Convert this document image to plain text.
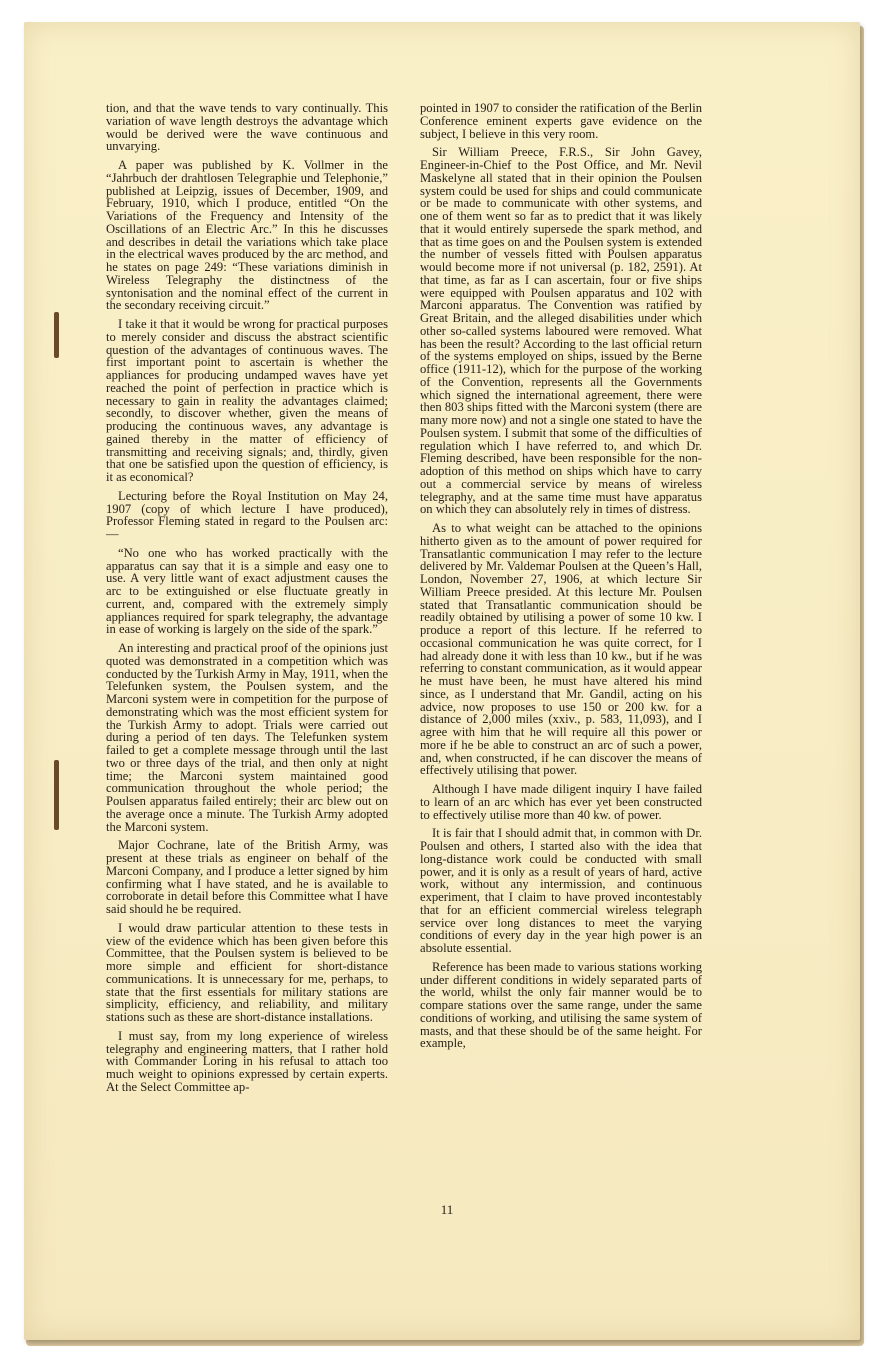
tion, and that the wave tends to vary continually. This variation of wave length destroys the advantage which would be derived were the wave continuous and unvarying.

A paper was published by K. Vollmer in the “Jahrbuch der drahtlosen Telegraphie und Telephonie,” published at Leipzig, issues of December, 1909, and February, 1910, which I produce, entitled “On the Variations of the Frequency and Intensity of the Oscillations of an Electric Arc.” In this he discusses and describes in detail the variations which take place in the electrical waves produced by the arc method, and he states on page 249: “These variations diminish in Wireless Telegraphy the distinctness of the syntonisation and the nominal effect of the current in the secondary receiving circuit.”

I take it that it would be wrong for practical purposes to merely consider and discuss the abstract scientific question of the advantages of continuous waves. The first important point to ascertain is whether the appliances for producing undamped waves have yet reached the point of perfection in practice which is necessary to gain in reality the advantages claimed; secondly, to discover whether, given the means of producing the continuous waves, any advantage is gained thereby in the matter of efficiency of transmitting and receiving signals; and, thirdly, given that one be satisfied upon the question of efficiency, is it as economical?

Lecturing before the Royal Institution on May 24, 1907 (copy of which lecture I have produced), Professor Fleming stated in regard to the Poulsen arc:—

“No one who has worked practically with the apparatus can say that it is a simple and easy one to use. A very little want of exact adjustment causes the arc to be extinguished or else fluctuate greatly in current, and, compared with the extremely simply appliances required for spark telegraphy, the advantage in ease of working is largely on the side of the spark.”

An interesting and practical proof of the opinions just quoted was demonstrated in a competition which was conducted by the Turkish Army in May, 1911, when the Telefunken system, the Poulsen system, and the Marconi system were in competition for the purpose of demonstrating which was the most efficient system for the Turkish Army to adopt. Trials were carried out during a period of ten days. The Telefunken system failed to get a complete message through until the last two or three days of the trial, and then only at night time; the Marconi system maintained good communication throughout the whole period; the Poulsen apparatus failed entirely; their arc blew out on the average once a minute. The Turkish Army adopted the Marconi system.

Major Cochrane, late of the British Army, was present at these trials as engineer on behalf of the Marconi Company, and I produce a letter signed by him confirming what I have stated, and he is available to corroborate in detail before this Committee what I have said should he be required.

I would draw particular attention to these tests in view of the evidence which has been given before this Committee, that the Poulsen system is believed to be more simple and efficient for short-distance communications. It is unnecessary for me, perhaps, to state that the first essentials for military stations are simplicity, efficiency, and reliability, and military stations such as these are short-distance installations.

I must say, from my long experience of wireless telegraphy and engineering matters, that I rather hold with Commander Loring in his refusal to attach too much weight to opinions expressed by certain experts. At the Select Committee ap-

pointed in 1907 to consider the ratification of the Berlin Conference eminent experts gave evidence on the subject, I believe in this very room.

Sir William Preece, F.R.S., Sir John Gavey, Engineer-in-Chief to the Post Office, and Mr. Nevil Maskelyne all stated that in their opinion the Poulsen system could be used for ships and could communicate or be made to communicate with other systems, and one of them went so far as to predict that it was likely that it would entirely supersede the spark method, and that as time goes on and the Poulsen system is extended the number of vessels fitted with Poulsen apparatus would become more if not universal (p. 182, 2591). At that time, as far as I can ascertain, four or five ships were equipped with Poulsen apparatus and 102 with Marconi apparatus. The Convention was ratified by Great Britain, and the alleged disabilities under which other so-called systems laboured were removed. What has been the result? According to the last official return of the systems employed on ships, issued by the Berne office (1911-12), which for the purpose of the working of the Convention, represents all the Governments which signed the international agreement, there were then 803 ships fitted with the Marconi system (there are many more now) and not a single one stated to have the Poulsen system. I submit that some of the difficulties of regulation which I have referred to, and which Dr. Fleming described, have been responsible for the non-adoption of this method on ships which have to carry out a commercial service by means of wireless telegraphy, and at the same time must have apparatus on which they can absolutely rely in times of distress.

As to what weight can be attached to the opinions hitherto given as to the amount of power required for Transatlantic communication I may refer to the lecture delivered by Mr. Valdemar Poulsen at the Queen’s Hall, London, November 27, 1906, at which lecture Sir William Preece presided. At this lecture Mr. Poulsen stated that Transatlantic communication should be readily obtained by utilising a power of some 10 kw. I produce a report of this lecture. If he referred to occasional communication he was quite correct, for I had already done it with less than 10 kw., but if he was referring to constant communication, as it would appear he must have been, he must have altered his mind since, as I understand that Mr. Gandil, acting on his advice, now proposes to use 150 or 200 kw. for a distance of 2,000 miles (xxiv., p. 583, 11,093), and I agree with him that he will require all this power or more if he be able to construct an arc of such a power, and, when constructed, if he can discover the means of effectively utilising that power.

Although I have made diligent inquiry I have failed to learn of an arc which has ever yet been constructed to effectively utilise more than 40 kw. of power.

It is fair that I should admit that, in common with Dr. Poulsen and others, I started also with the idea that long-distance work could be conducted with small power, and it is only as a result of years of hard, active work, without any intermission, and continuous experiment, that I claim to have proved incontestably that for an efficient commercial wireless telegraph service over long distances to meet the varying conditions of every day in the year high power is an absolute essential.

Reference has been made to various stations working under different conditions in widely separated parts of the world, whilst the only fair manner would be to compare stations over the same range, under the same conditions of working, and utilising the same system of masts, and that these should be of the same height. For example,

11
